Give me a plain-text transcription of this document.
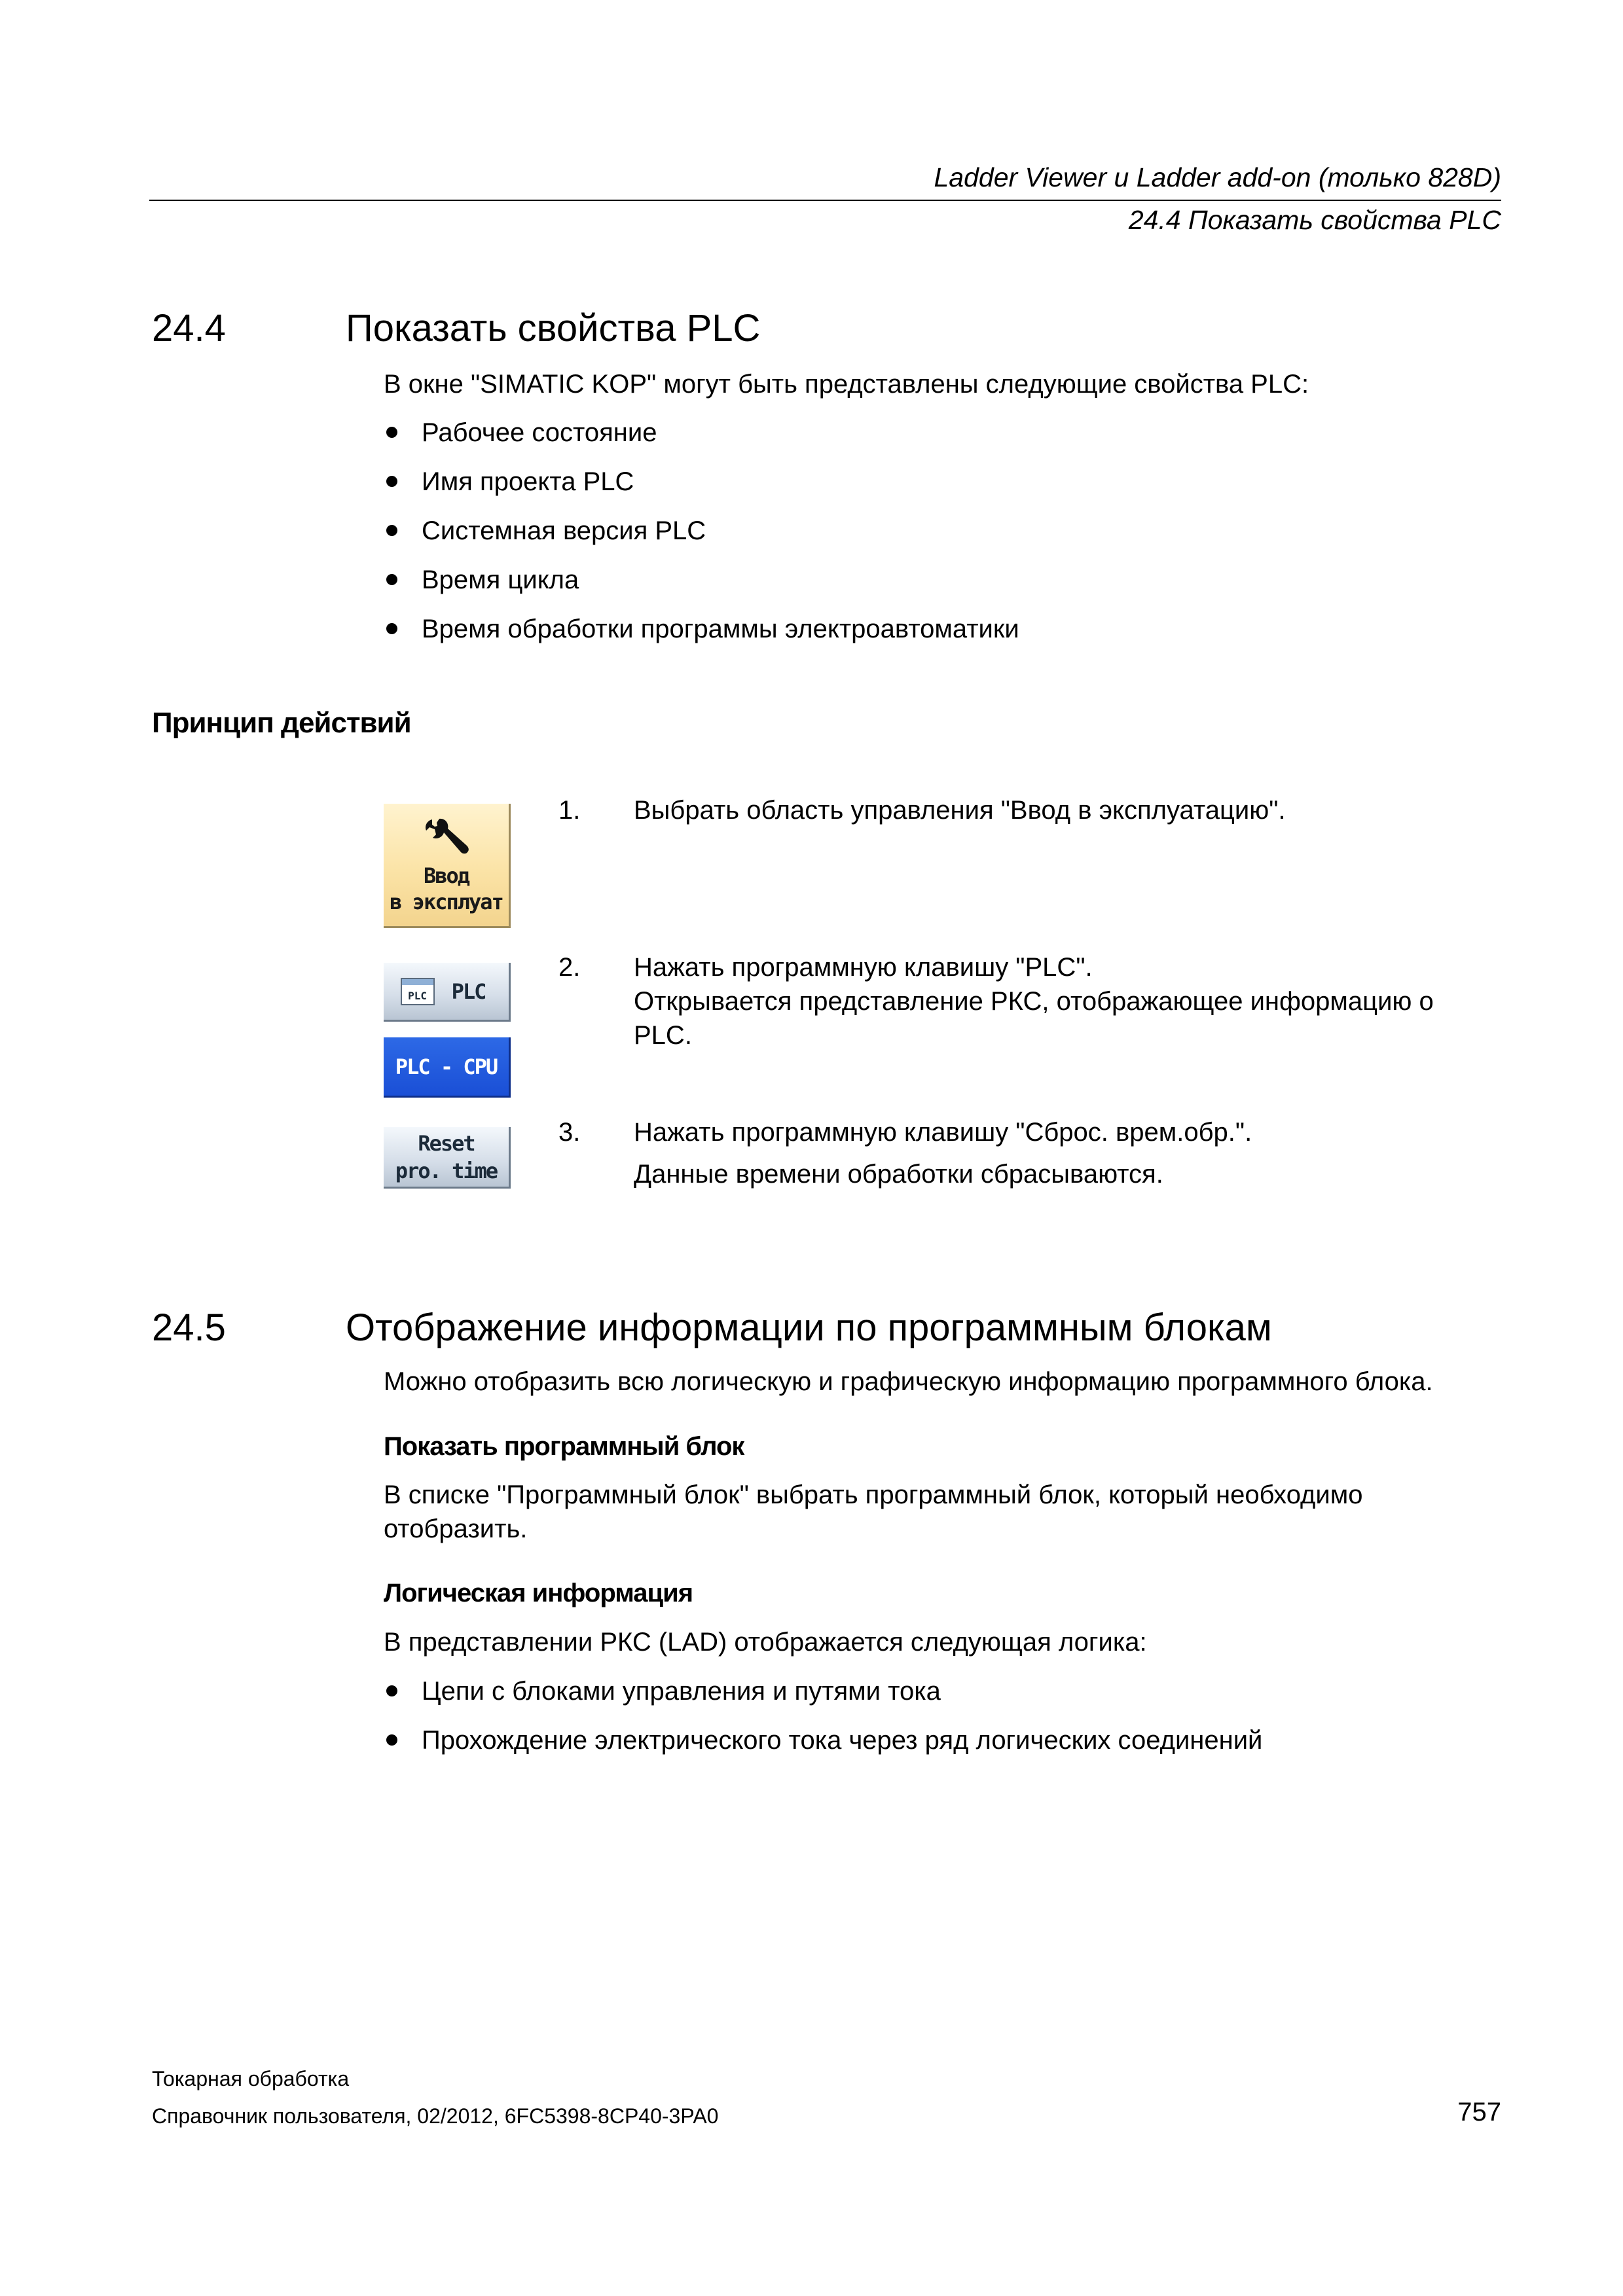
Ladder Viewer и Ladder add-on (только 828D)
24.4 Показать свойства PLC
24.4	Показать свойства PLC
В окне "SIMATIC KOP" могут быть представлены следующие свойства PLC:
Рабочее состояние
Имя проекта PLC
Системная версия PLC
Время цикла
Время обработки программы электроавтоматики
Принцип действий
Ввод
в эксплуат
PLC PLC
PLC - CPU
Reset
pro. time
1. Выбрать область управления "Ввод в эксплуатацию".
2. Нажать программную клавишу "PLC".
Открывается представление РКС, отображающее информацию о
PLC.
3. Нажать программную клавишу "Сброс. врем.обр.".
Данные времени обработки сбрасываются.
24.5	Отображение информации по программным блокам
Можно отобразить всю логическую и графическую информацию программного блока.
Показать программный блок
В списке "Программный блок" выбрать программный блок, который необходимо
отобразить.
Логическая информация
В представлении РКС (LAD) отображается следующая логика:
Цепи с блоками управления и путями тока
Прохождение электрического тока через ряд логических соединений
Токарная обработка
Справочник пользователя, 02/2012, 6FC5398-8CP40-3PA0	757
